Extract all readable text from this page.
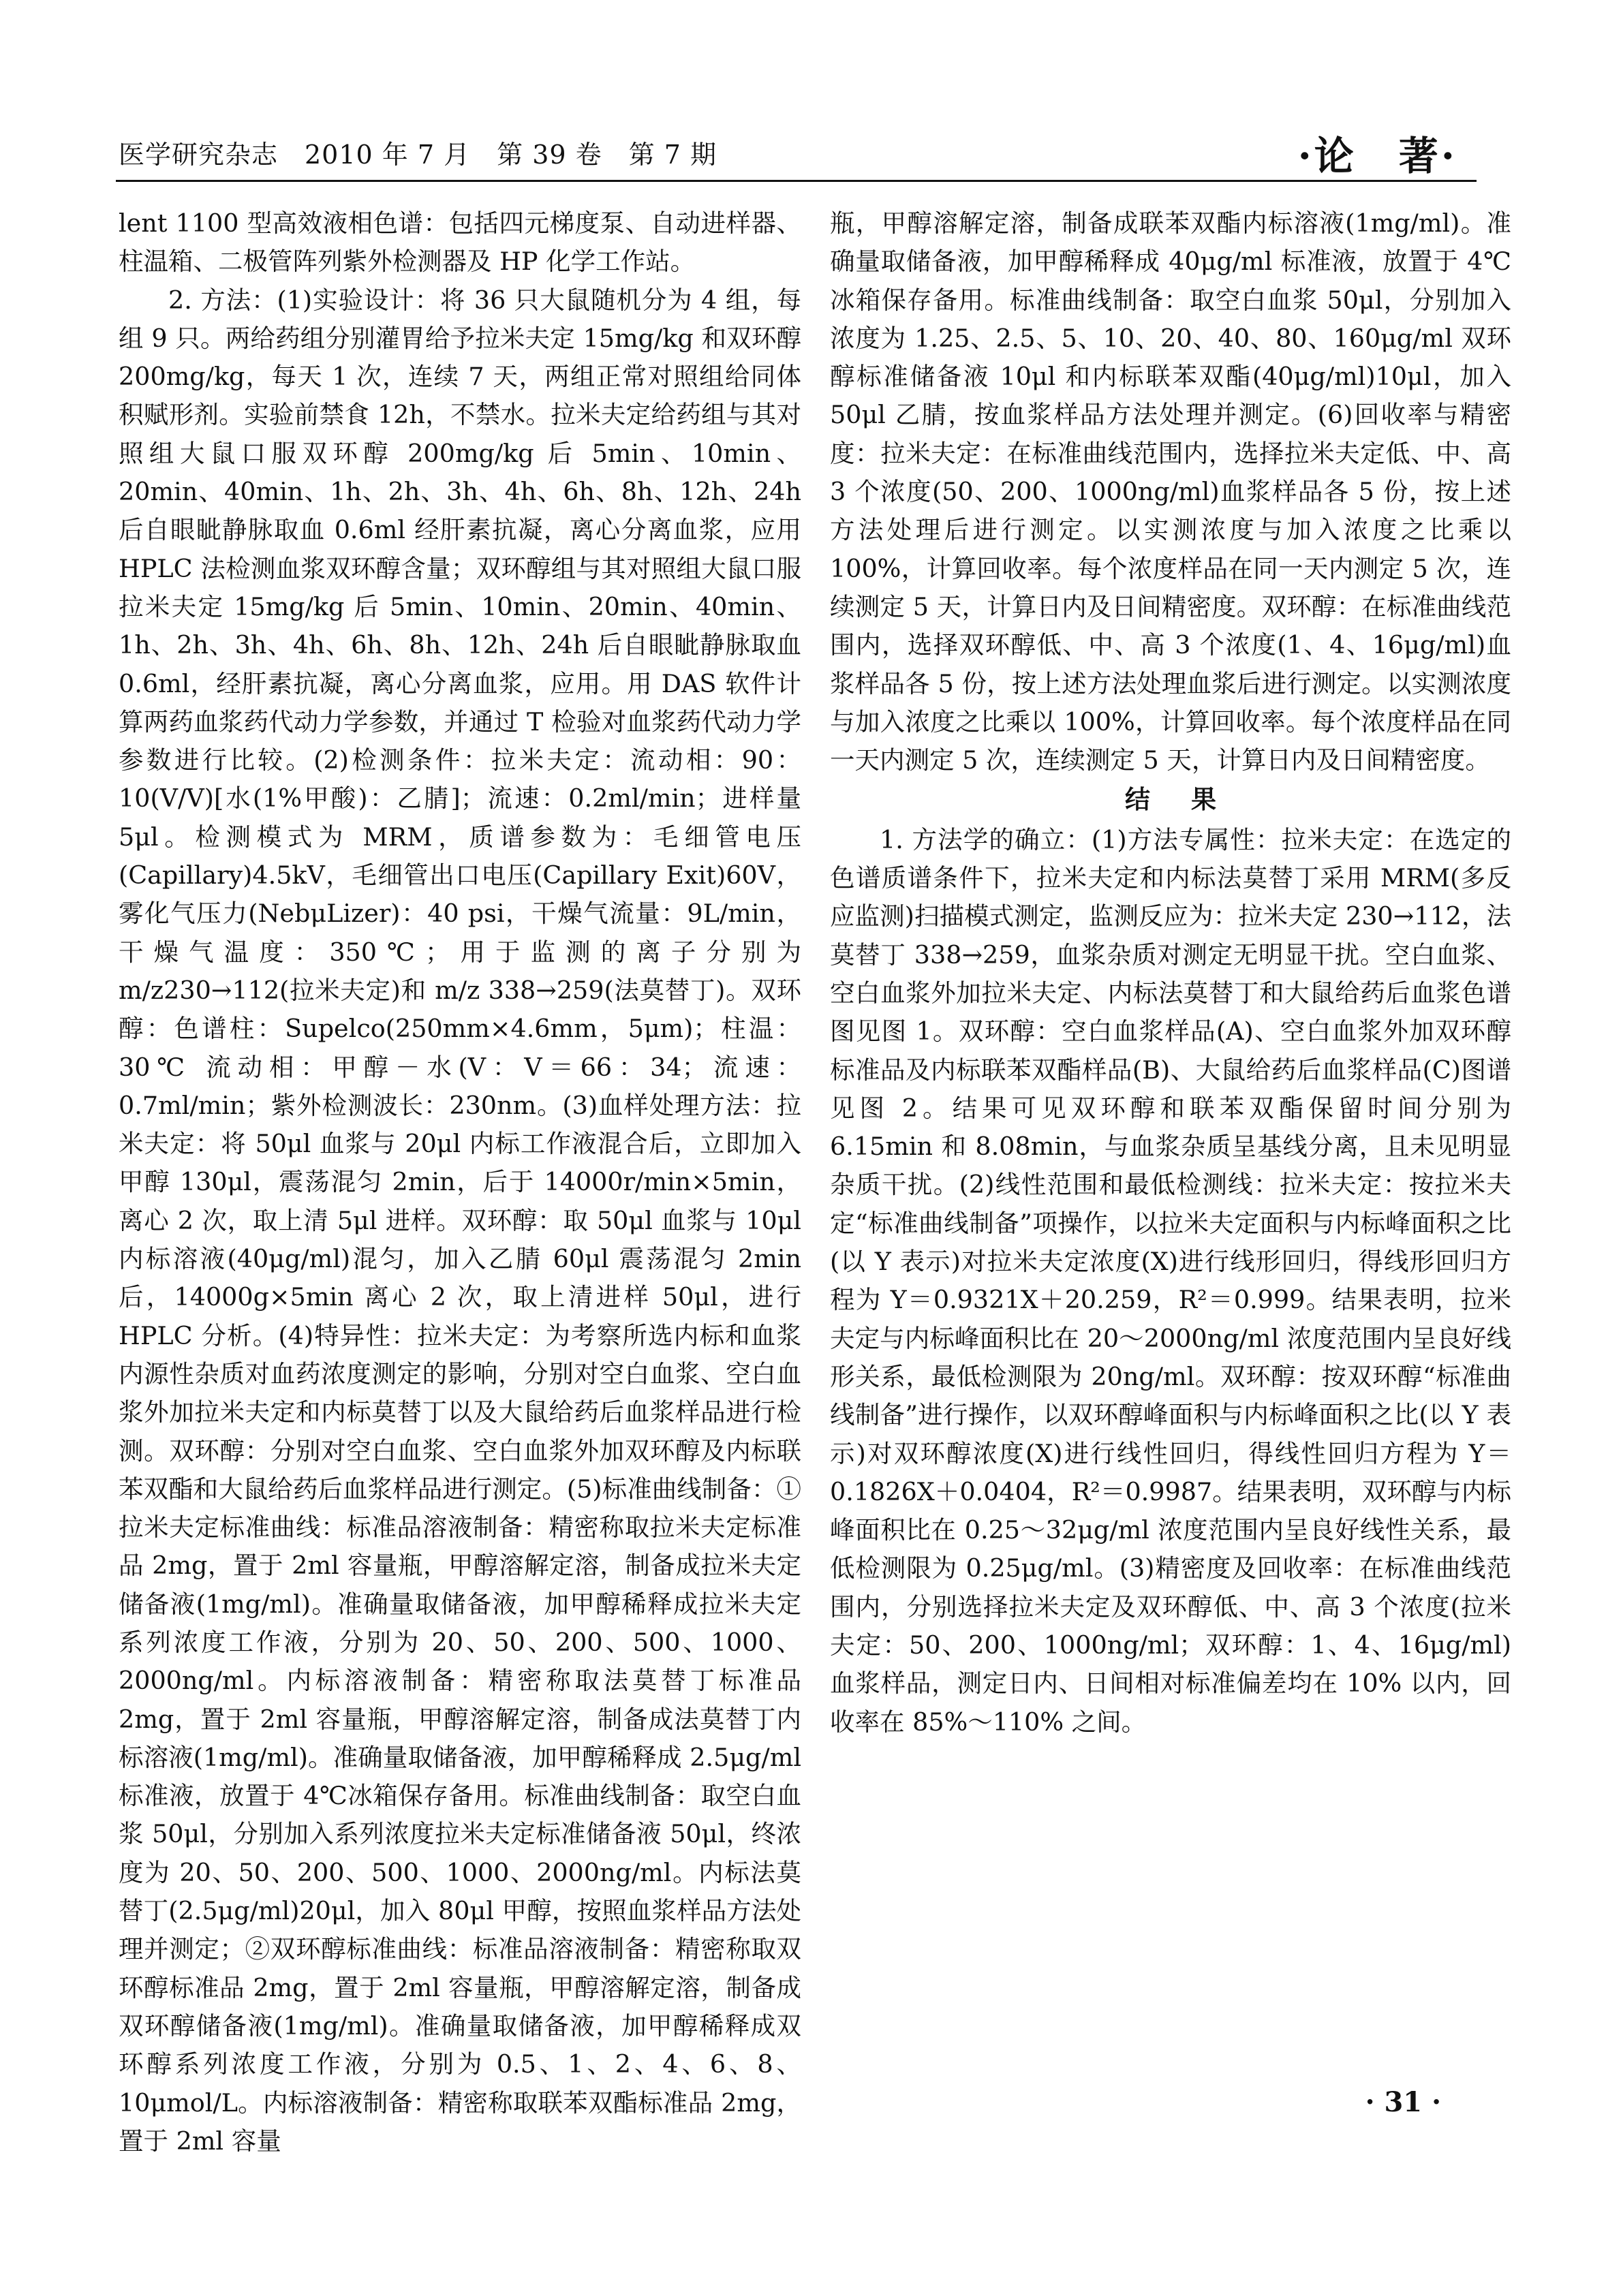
医学研究杂志　2010 年 7 月　第 39 卷　第 7 期	·论　著·

lent 1100 型高效液相色谱：包括四元梯度泵、自动进样器、柱温箱、二极管阵列紫外检测器及 HP 化学工作站。

2. 方法：(1)实验设计：将 36 只大鼠随机分为 4 组，每组 9 只。两给药组分别灌胃给予拉米夫定 15mg/kg 和双环醇 200mg/kg，每天 1 次，连续 7 天，两组正常对照组给同体积赋形剂。实验前禁食 12h，不禁水。拉米夫定给药组与其对照组大鼠口服双环醇 200mg/kg 后 5min、10min、20min、40min、1h、2h、3h、4h、6h、8h、12h、24h 后自眼眦静脉取血 0.6ml 经肝素抗凝，离心分离血浆，应用 HPLC 法检测血浆双环醇含量；双环醇组与其对照组大鼠口服拉米夫定 15mg/kg 后 5min、10min、20min、40min、1h、2h、3h、4h、6h、8h、12h、24h 后自眼眦静脉取血 0.6ml，经肝素抗凝，离心分离血浆，应用。用 DAS 软件计算两药血浆药代动力学参数，并通过 T 检验对血浆药代动力学参数进行比较。(2)检测条件：拉米夫定：流动相：90：10(V/V)[水(1%甲酸)：乙腈]；流速：0.2ml/min；进样量 5μl。检测模式为 MRM，质谱参数为：毛细管电压(Capillary)4.5kV，毛细管出口电压(Capillary Exit)60V，雾化气压力(NebμLizer)：40 psi，干燥气流量：9L/min，干燥气温度：350℃；用于监测的离子分别为 m/z230→112(拉米夫定)和 m/z 338→259(法莫替丁)。双环醇：色谱柱：Supelco(250mm×4.6mm，5μm)；柱温：30℃ 流动相：甲醇－水(V：V＝66：34；流速：0.7ml/min；紫外检测波长：230nm。(3)血样处理方法：拉米夫定：将 50μl 血浆与 20μl 内标工作液混合后，立即加入甲醇 130μl，震荡混匀 2min，后于 14000r/min×5min，离心 2 次，取上清 5μl 进样。双环醇：取 50μl 血浆与 10μl 内标溶液(40μg/ml)混匀，加入乙腈 60μl 震荡混匀 2min 后，14000g×5min 离心 2 次，取上清进样 50μl，进行 HPLC 分析。(4)特异性：拉米夫定：为考察所选内标和血浆内源性杂质对血药浓度测定的影响，分别对空白血浆、空白血浆外加拉米夫定和内标莫替丁以及大鼠给药后血浆样品进行检测。双环醇：分别对空白血浆、空白血浆外加双环醇及内标联苯双酯和大鼠给药后血浆样品进行测定。(5)标准曲线制备：①拉米夫定标准曲线：标准品溶液制备：精密称取拉米夫定标准品 2mg，置于 2ml 容量瓶，甲醇溶解定溶，制备成拉米夫定储备液(1mg/ml)。准确量取储备液，加甲醇稀释成拉米夫定系列浓度工作液，分别为 20、50、200、500、1000、2000ng/ml。内标溶液制备：精密称取法莫替丁标准品 2mg，置于 2ml 容量瓶，甲醇溶解定溶，制备成法莫替丁内标溶液(1mg/ml)。准确量取储备液，加甲醇稀释成 2.5μg/ml 标准液，放置于 4℃冰箱保存备用。标准曲线制备：取空白血浆 50μl，分别加入系列浓度拉米夫定标准储备液 50μl，终浓度为 20、50、200、500、1000、2000ng/ml。内标法莫替丁(2.5μg/ml)20μl，加入 80μl 甲醇，按照血浆样品方法处理并测定；②双环醇标准曲线：标准品溶液制备：精密称取双环醇标准品 2mg，置于 2ml 容量瓶，甲醇溶解定溶，制备成双环醇储备液(1mg/ml)。准确量取储备液，加甲醇稀释成双环醇系列浓度工作液，分别为 0.5、1、2、4、6、8、10μmol/L。内标溶液制备：精密称取联苯双酯标准品 2mg，置于 2ml 容量

瓶，甲醇溶解定溶，制备成联苯双酯内标溶液(1mg/ml)。准确量取储备液，加甲醇稀释成 40μg/ml 标准液，放置于 4℃冰箱保存备用。标准曲线制备：取空白血浆 50μl，分别加入浓度为 1.25、2.5、5、10、20、40、80、160μg/ml 双环醇标准储备液 10μl 和内标联苯双酯(40μg/ml)10μl，加入 50μl 乙腈，按血浆样品方法处理并测定。(6)回收率与精密度：拉米夫定：在标准曲线范围内，选择拉米夫定低、中、高 3 个浓度(50、200、1000ng/ml)血浆样品各 5 份，按上述方法处理后进行测定。以实测浓度与加入浓度之比乘以 100%，计算回收率。每个浓度样品在同一天内测定 5 次，连续测定 5 天，计算日内及日间精密度。双环醇：在标准曲线范围内，选择双环醇低、中、高 3 个浓度(1、4、16μg/ml)血浆样品各 5 份，按上述方法处理血浆后进行测定。以实测浓度与加入浓度之比乘以 100%，计算回收率。每个浓度样品在同一天内测定 5 次，连续测定 5 天，计算日内及日间精密度。

结果

1. 方法学的确立：(1)方法专属性：拉米夫定：在选定的色谱质谱条件下，拉米夫定和内标法莫替丁采用 MRM(多反应监测)扫描模式测定，监测反应为：拉米夫定 230→112，法莫替丁 338→259，血浆杂质对测定无明显干扰。空白血浆、空白血浆外加拉米夫定、内标法莫替丁和大鼠给药后血浆色谱图见图 1。双环醇：空白血浆样品(A)、空白血浆外加双环醇标准品及内标联苯双酯样品(B)、大鼠给药后血浆样品(C)图谱见图 2。结果可见双环醇和联苯双酯保留时间分别为 6.15min 和 8.08min，与血浆杂质呈基线分离，且未见明显杂质干扰。(2)线性范围和最低检测线：拉米夫定：按拉米夫定“标准曲线制备”项操作，以拉米夫定面积与内标峰面积之比(以 Y 表示)对拉米夫定浓度(X)进行线形回归，得线形回归方程为 Y＝0.9321X＋20.259，R²＝0.999。结果表明，拉米夫定与内标峰面积比在 20～2000ng/ml 浓度范围内呈良好线形关系，最低检测限为 20ng/ml。双环醇：按双环醇“标准曲线制备”进行操作，以双环醇峰面积与内标峰面积之比(以 Y 表示)对双环醇浓度(X)进行线性回归，得线性回归方程为 Y＝0.1826X＋0.0404，R²＝0.9987。结果表明，双环醇与内标峰面积比在 0.25～32μg/ml 浓度范围内呈良好线性关系，最低检测限为 0.25μg/ml。(3)精密度及回收率：在标准曲线范围内，分别选择拉米夫定及双环醇低、中、高 3 个浓度(拉米夫定：50、200、1000ng/ml；双环醇：1、4、16μg/ml)血浆样品，测定日内、日间相对标准偏差均在 10% 以内，回收率在 85%～110% 之间。

· 31 ·
